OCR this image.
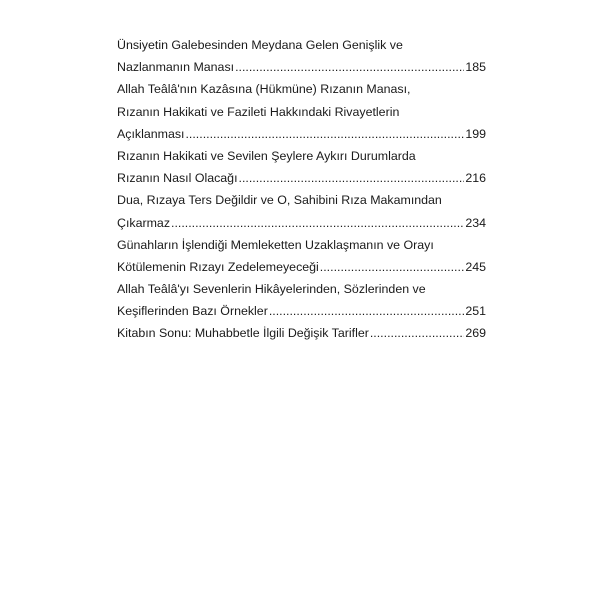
Ünsiyetin Galebesinden Meydana Gelen Genişlik ve
Nazlanmanın Manası .....	185
Allah Teâlâ'nın Kazâsına (Hükmüne) Rızanın Manası,
Rızanın Hakikati ve Fazileti Hakkındaki Rivayetlerin
Açıklanması .....	199
Rızanın Hakikati ve Sevilen Şeylere Aykırı Durumlarda
Rızanın Nasıl Olacağı .....	216
Dua, Rızaya Ters Değildir ve O, Sahibini Rıza Makamından
Çıkarmaz .....	234
Günahların İşlendiği Memleketten Uzaklaşmanın ve Orayı
Kötülemenin Rızayı Zedelemeyeceği .....	245
Allah Teâlâ'yı Sevenlerin Hikâyelerinden, Sözlerinden ve
Keşiflerinden Bazı Örnekler .....	251
Kitabın Sonu: Muhabbetle İlgili Değişik Tarifler .....	269
